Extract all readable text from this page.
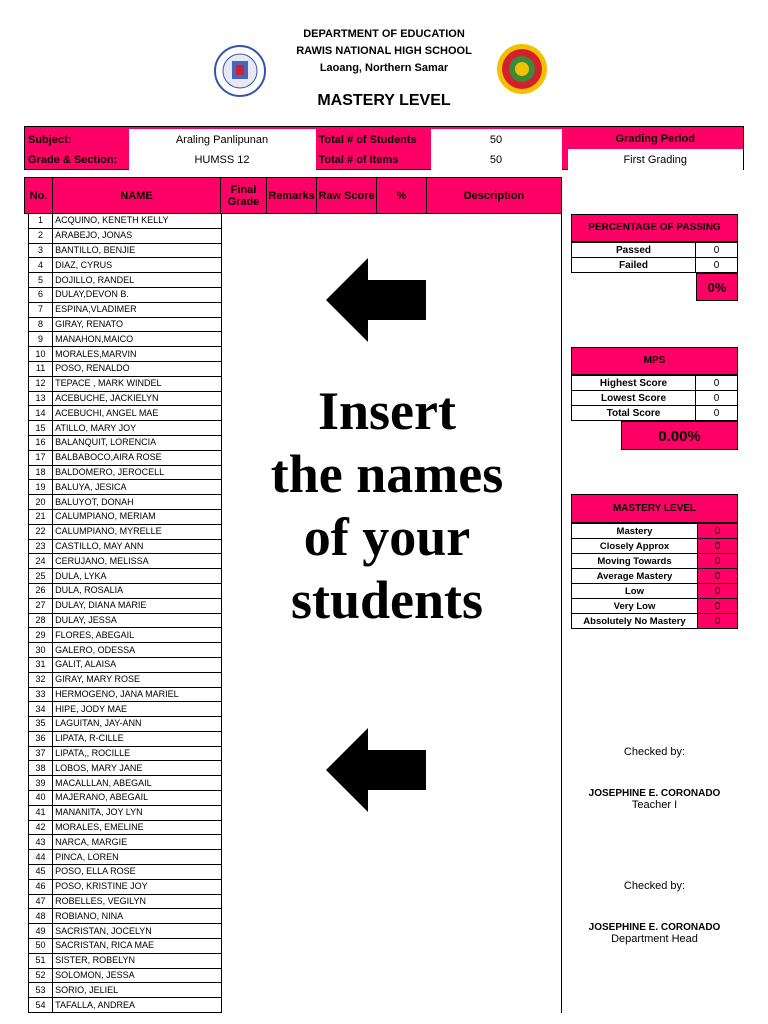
DEPARTMENT OF EDUCATION
RAWIS NATIONAL HIGH SCHOOL
Laoang, Northern Samar
MASTERY LEVEL
Subject:	Araling Panlipunan	Total # of Students	50		Grading Period
Grade & Section:	HUMSS 12	Total # of Items	50		First Grading
No.	NAME	Final Grade	Remarks	Raw Score	%	Description
1	ACQUINO, KENETH KELLY
2	ARABEJO, JONAS
3	BANTILLO, BENJIE
4	DIAZ, CYRUS
5	DOJILLO, RANDEL
6	DULAY,DEVON B.
7	ESPINA,VLADIMER
8	GIRAY, RENATO
9	MANAHON,MAICO
10	MORALES,MARVIN
11	POSO, RENALDO
12	TEPACE , MARK WINDEL
13	ACEBUCHE, JACKIELYN
14	ACEBUCHI, ANGEL MAE
15	ATILLO, MARY JOY
16	BALANQUIT, LORENCIA
17	BALBABOCO,AIRA ROSE
18	BALDOMERO, JEROCELL
19	BALUYA, JESICA
20	BALUYOT, DONAH
21	CALUMPIANO, MERIAM
22	CALUMPIANO, MYRELLE
23	CASTILLO, MAY ANN
24	CERUJANO, MELISSA
25	DULA, LYKA
26	DULA, ROSALIA
27	DULAY, DIANA MARIE
28	DULAY, JESSA
29	FLORES, ABEGAIL
30	GALERO, ODESSA
31	GALIT, ALAISA
32	GIRAY, MARY ROSE
33	HERMOGENO, JANA MARIEL
34	HIPE, JODY MAE
35	LAGUITAN, JAY-ANN
36	LIPATA, R-CILLE
37	LIPATA,, ROCILLE
38	LOBOS, MARY JANE
39	MACALLLAN, ABEGAIL
40	MAJERANO, ABEGAIL
41	MANANITA, JOY LYN
42	MORALES, EMELINE
43	NARCA, MARGIE
44	PINCA, LOREN
45	POSO, ELLA ROSE
46	POSO, KRISTINE JOY
47	ROBELLES, VEGILYN
48	ROBIANO, NINA
49	SACRISTAN, JOCELYN
50	SACRISTAN, RICA MAE
51	SISTER, ROBELYN
52	SOLOMON, JESSA
53	SORIO, JELIEL
54	TAFALLA, ANDREA
Insert
the names
of your
students
PERCENTAGE OF PASSING
Passed	0
Failed	0
0%
MPS
Highest Score	0
Lowest Score	0
Total Score	0
0.00%
MASTERY LEVEL
Mastery	0
Closely Approx	0
Moving Towards	0
Average Mastery	0
Low	0
Very Low	0
Absolutely No Mastery	0
Checked by:
JOSEPHINE E. CORONADO
Teacher I
Checked by:
JOSEPHINE E. CORONADO
Department Head
